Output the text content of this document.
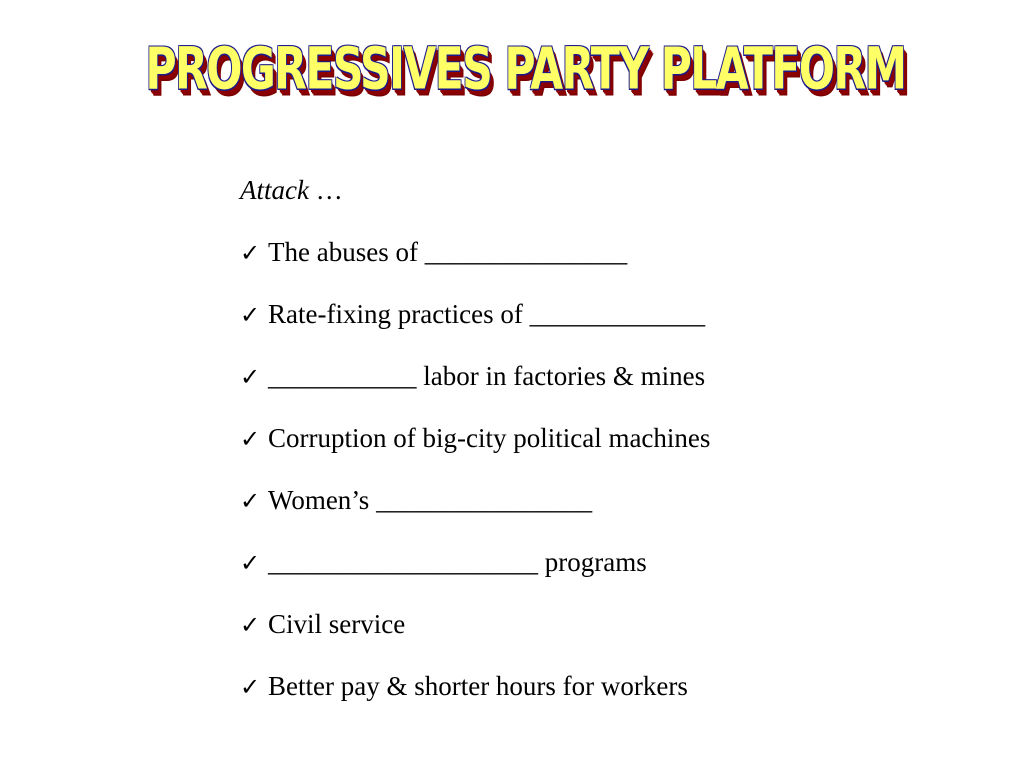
PROGRESSIVES PARTY PLATFORM
Attack …
✓ The abuses of _______________
✓ Rate-fixing practices of _____________
✓ ___________ labor in factories & mines
✓ Corruption of big-city political machines
✓ Women’s ________________
✓ ____________________ programs
✓ Civil service
✓ Better pay & shorter hours for workers
